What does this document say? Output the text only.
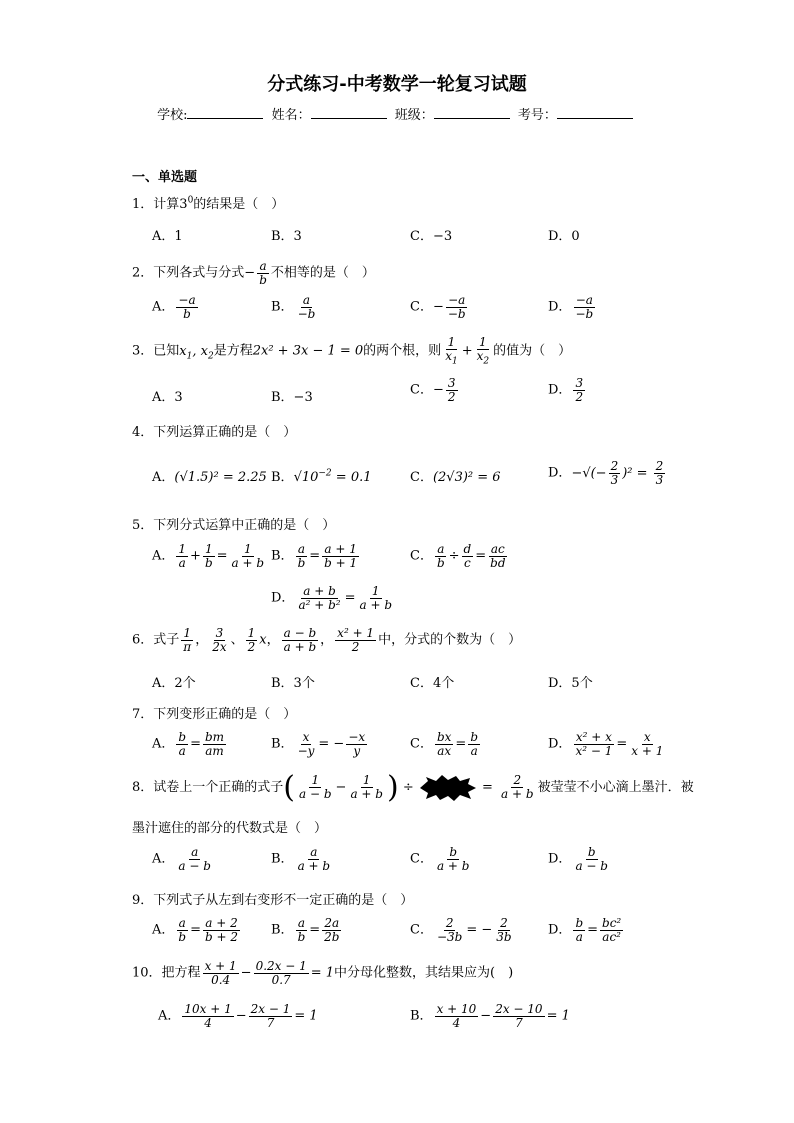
分式练习-中考数学一轮复习试题
学校:	姓名：	班级：	考号：
一、单选题
1．计算$3^0$的结果是（　）
A．1	B．3	C．−3	D．0
2．下列各式与分式− $\frac{a}{b}$ 不相等的是（　）
A． $\frac{-a}{b}$	B． $\frac{a}{-b}$	C．− $\frac{-a}{-b}$	D． $\frac{-a}{-b}$
3．已知$x_1$, $x_2$是方程2x² + 3x − 1 = 0的两个根，则 $\frac{1}{x_1} + \frac{1}{x_2}$ 的值为（　）
A．3	B．−3	C．− $\frac{3}{2}$	D． $\frac{3}{2}$
4．下列运算正确的是（　）
A．(√1.5)² = 2.25 B．$√10^{-2} = 0.1$	C．(2√3)² = 6	D．−√(− $\frac{2}{3} )^2 = \frac{2}{3}$
5．下列分式运算中正确的是（　）
A． $\frac{1}{a} + \frac{1}{b} = \frac{1}{a + b}$ B． $\frac{a}{b} = \frac{a + 1}{b + 1}$	C． $\frac{a}{b} \div \frac{d}{c} = \frac{ac}{bd}$
D． $\frac{a + b}{\text{a² + b²}} = \frac{1}{a + b}$
6．式子 $\frac{1}{\pi}$ ， $\frac{3}{2x}$ 、 $\frac{1}{2}$ x， $\frac{a - b}{a + b}$ ， $\frac{\text{x² + 1}}{2}$ 中，分式的个数为（　）
A．2个	B．3个	C．4个	D．5个
7．下列变形正确的是（　）
A． $\frac{b}{a} = \frac{bm}{am}$	B． $\frac{x}{-y}$ = − $\frac{-x}{y}$	C． $\frac{bx}{ax} = \frac{b}{a}$	D． $\frac{\text{x² + x}}{\text{x² − 1}} = \frac{x}{x + 1}$
8．试卷上一个正确的式子( $\frac{1}{a - b} - \frac{1}{a + b}$ ) ÷	= $\frac{2}{a + b}$ 被莹莹不小心滴上墨汁．被
墨汁遮住的部分的代数式是（　）
A． $\frac{a}{a - b}$	B． $\frac{a}{a + b}$	C． $\frac{b}{a + b}$	D． $\frac{b}{a - b}$
9．下列式子从左到右变形不一定正确的是（　）
A． $\frac{a}{b} = \frac{a + 2}{b + 2}$ B． $\frac{a}{b} = \frac{2a}{2b}$	C． $\frac{2}{-3b}$ = − $\frac{2}{3b}$	D． $\frac{b}{a} = \frac{\text{bc²}}{\text{ac²}}$
10．把方程 $\frac{x + 1}{0.4} - \frac{0.2x - 1}{0.7} = 1$中分母化整数，其结果应为(　)
A． $\frac{10x + 1}{4} - \frac{2x - 1}{7} = 1$	B． $\frac{x + 10}{4} - \frac{2x - 10}{7} = 1$
